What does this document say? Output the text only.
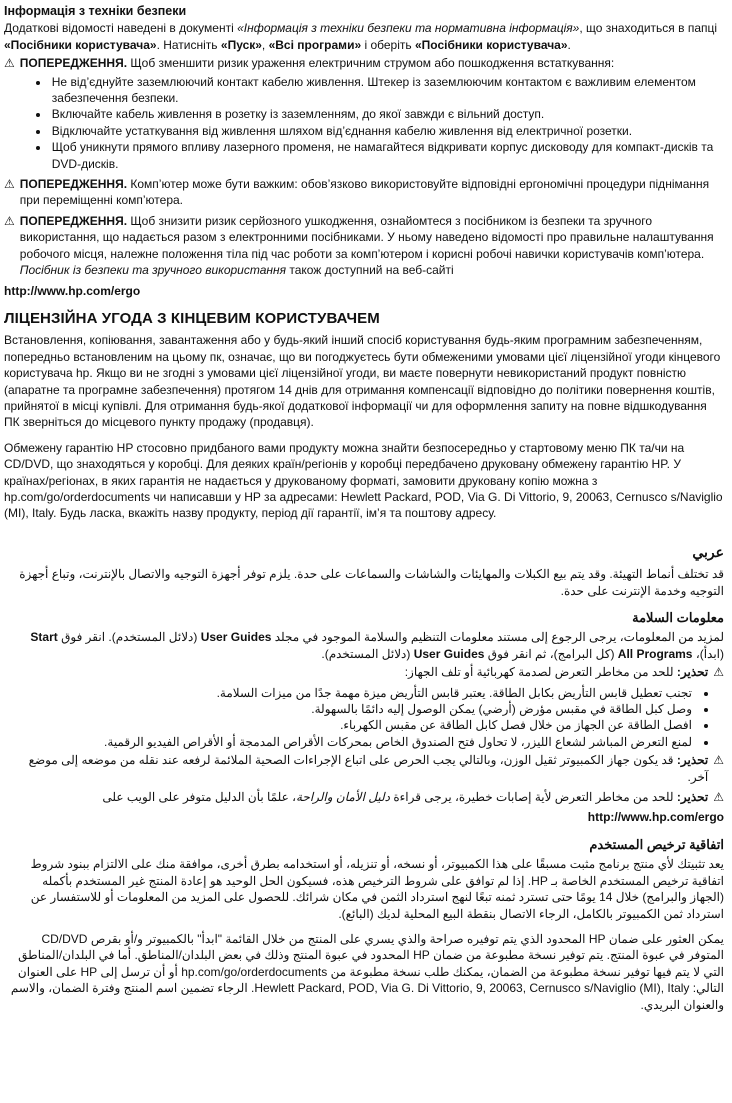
Інформація з техніки безпеки

Додаткові відомості наведені в документі «Інформація з техніки безпеки та нормативна інформація», що знаходиться в папці «Посібники користувача». Натисніть «Пуск», «Всі програми» і оберіть «Посібники користувача».

⚠ ПОПЕРЕДЖЕННЯ. Щоб зменшити ризик ураження електричним струмом або пошкодження встаткування:

• Не від’єднуйте заземлюючий контакт кабелю живлення. Штекер із заземлюючим контактом є важливим елементом забезпечення безпеки.
• Включайте кабель живлення в розетку із заземленням, до якої завжди є вільний доступ.
• Відключайте устаткування від живлення шляхом від’єднання кабелю живлення від електричної розетки.
• Щоб уникнути прямого впливу лазерного променя, не намагайтеся відкривати корпус дисководу для компакт-дисків та DVD-дисків.
⚠ ПОПЕРЕДЖЕННЯ. Комп’ютер може бути важким: обов’язково використовуйте відповідні ергономічні процедури піднімання при переміщенні комп’ютера.

⚠ ПОПЕРЕДЖЕННЯ. Щоб знизити ризик серйозного ушкодження, ознайомтеся з посібником із безпеки та зручного використання, що надається разом з електронними посібниками. У ньому наведено відомості про правильне налаштування робочого місця, належне положення тіла під час роботи за комп’ютером і корисні робочі навички користувачів комп’ютера. Посібник із безпеки та зручного використання також доступний на веб-сайті

http://www.hp.com/ergo
ЛІЦЕНЗІЙНА УГОДА З КІНЦЕВИМ КОРИСТУВАЧЕМ

Встановлення, копіювання, завантаження або у будь-який інший спосіб користування будь-яким програмним забезпеченням, попередньо встановленим на цьому пк, означає, що ви погоджуєтесь бути обмеженими умовами цієї ліцензійної угоди кінцевого користувача hp. Якщо ви не згодні з умовами цієї ліцензійної угоди, ви маєте повернути невикористаний продукт повністю (апаратне та програмне забезпечення) протягом 14 днів для отримання компенсації відповідно до політики повернення коштів, прийнятої в місці купівлі. Для отримання будь-якої додаткової інформації чи для оформлення запиту на повне відшкодування ПК зверніться до місцевого пункту продажу (продавця).

Обмежену гарантію HP стосовно придбаного вами продукту можна знайти безпосередньо у стартовому меню ПК та/чи на CD/DVD, що знаходяться у коробці. Для деяких країн/регіонів у коробці передбачено друковану обмежену гарантію HP. У країнах/регіонах, в яких гарантія не надається у друкованому форматі, замовити друковану копію можна з hp.com/go/orderdocuments чи написавши у HP за адресами: Hewlett Packard, POD, Via G. Di Vittorio, 9, 20063, Cernusco s/Naviglio (MI), Italy. Будь ласка, вкажіть назву продукту, період дії гарантії, ім’я та поштову адресу.

عربي

قد تختلف أنماط التهيئة. وقد يتم بيع الكبلات والمهايئات والشاشات والسماعات على حدة. يلزم توفر أجهزة التوجيه والاتصال بالإنترنت، وتباع أجهزة التوجيه وخدمة الإنترنت على حدة.

معلومات السلامة

لمزيد من المعلومات، يرجى الرجوع إلى مستند معلومات التنظيم والسلامة الموجود في مجلد User Guides (دلائل المستخدم). انقر فوق Start (ابدأ)، All Programs (كل البرامج)، ثم انقر فوق User Guides (دلائل المستخدم).

⚠

تحذير: للحد من مخاطر التعرض لصدمة كهربائية أو تلف الجهاز:

• تجنب تعطيل قابس التأريض بكابل الطاقة. يعتبر قابس التأريض ميزة مهمة جدًا من ميزات السلامة.
• وصل كبل الطاقة في مقبس مؤرض (أرضي) يمكن الوصول إليه دائمًا بالسهولة.
• افصل الطاقة عن الجهاز من خلال فصل كابل الطاقة عن مقبس الكهرباء.
• لمنع التعرض المباشر لشعاع الليزر، لا تحاول فتح الصندوق الخاص بمحركات الأقراص المدمجة أو الأقراص الفيديو الرقمية.
⚠

تحذير: قد يكون جهاز الكمبيوتر ثقيل الوزن، وبالتالي يجب الحرص على اتباع الإجراءات الصحية الملائمة لرفعه عند نقله من موضعه إلى موضع آخر.

⚠

تحذير: للحد من مخاطر التعرض لأية إصابات خطيرة، يرجى قراءة دليل الأمان والراحة، علمًا بأن الدليل متوفر على الويب على

http://www.hp.com/ergo
اتفاقية ترخيص المستخدم

يعد تثبيتك لأي منتج برنامج مثبت مسبقًا على هذا الكمبيوتر، أو نسخه، أو تنزيله، أو استخدامه بطرق أخرى، موافقة منك على الالتزام ببنود شروط اتفاقية ترخيص المستخدم الخاصة بـ HP. إذا لم توافق على شروط الترخيص هذه، فسيكون الحل الوحيد هو إعادة المنتج غير المستخدم بأكمله (الجهاز والبرامج) خلال 14 يومًا حتى تسترد ثمنه تبعًا لنهج استرداد الثمن في مكان شرائك. للحصول على المزيد من المعلومات أو للاستفسار عن استرداد ثمن الكمبيوتر بالكامل، الرجاء الاتصال بنقطة البيع المحلية لديك (البائع).

يمكن العثور على ضمان HP المحدود الذي يتم توفيره صراحة والذي يسري على المنتج من خلال القائمة "ابدأ" بالكمبيوتر و/أو بقرص CD/DVD المتوفر في عبوة المنتج. يتم توفير نسخة مطبوعة من ضمان HP المحدود في عبوة المنتج وذلك في بعض البلدان/المناطق. أما في البلدان/المناطق التي لا يتم فيها توفير نسخة مطبوعة من الضمان، يمكنك طلب نسخة مطبوعة من hp.com/go/orderdocuments أو أن ترسل إلى HP على العنوان التالي: Hewlett Packard, POD, Via G. Di Vittorio, 9, 20063, Cernusco s/Naviglio (MI), Italy. الرجاء تضمين اسم المنتج وفترة الضمان، والاسم والعنوان البريدي.
